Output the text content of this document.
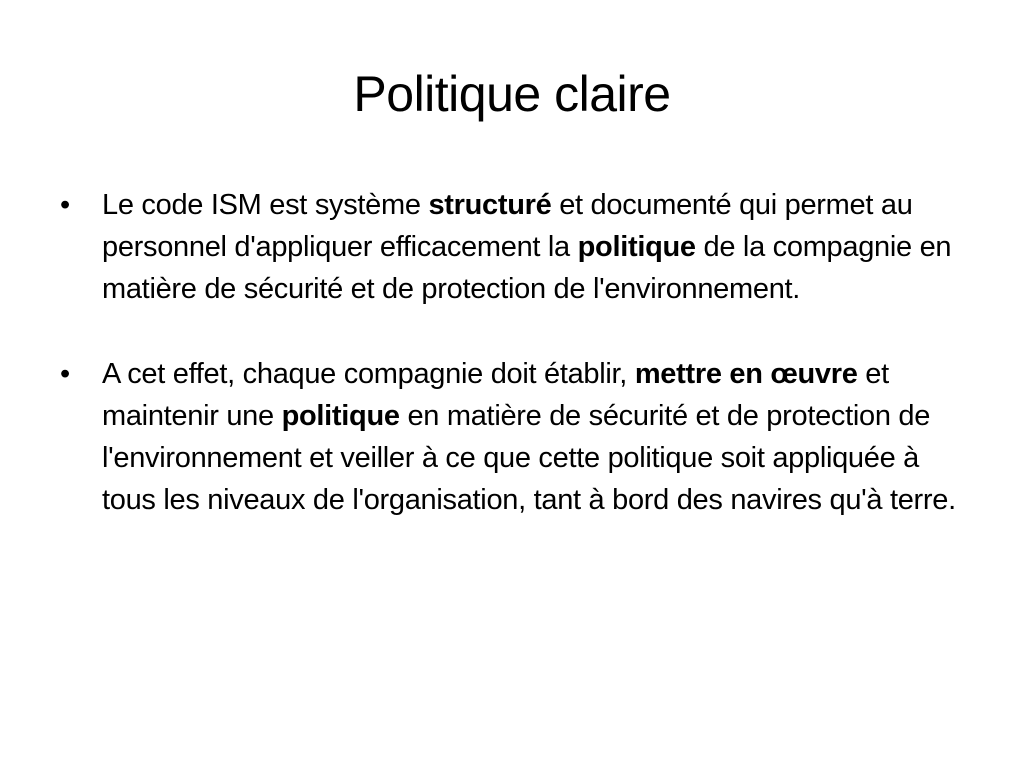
Politique claire
• Le code ISM est système structuré et documenté qui permet au personnel d'appliquer efficacement la politique de la compagnie en matière de sécurité et de protection de l'environnement.
• A cet effet, chaque compagnie doit établir, mettre en œuvre et maintenir une politique en matière de sécurité et de protection de l'environnement et veiller à ce que cette politique soit appliquée à tous les niveaux de l'organisation, tant à bord des navires qu'à terre.
